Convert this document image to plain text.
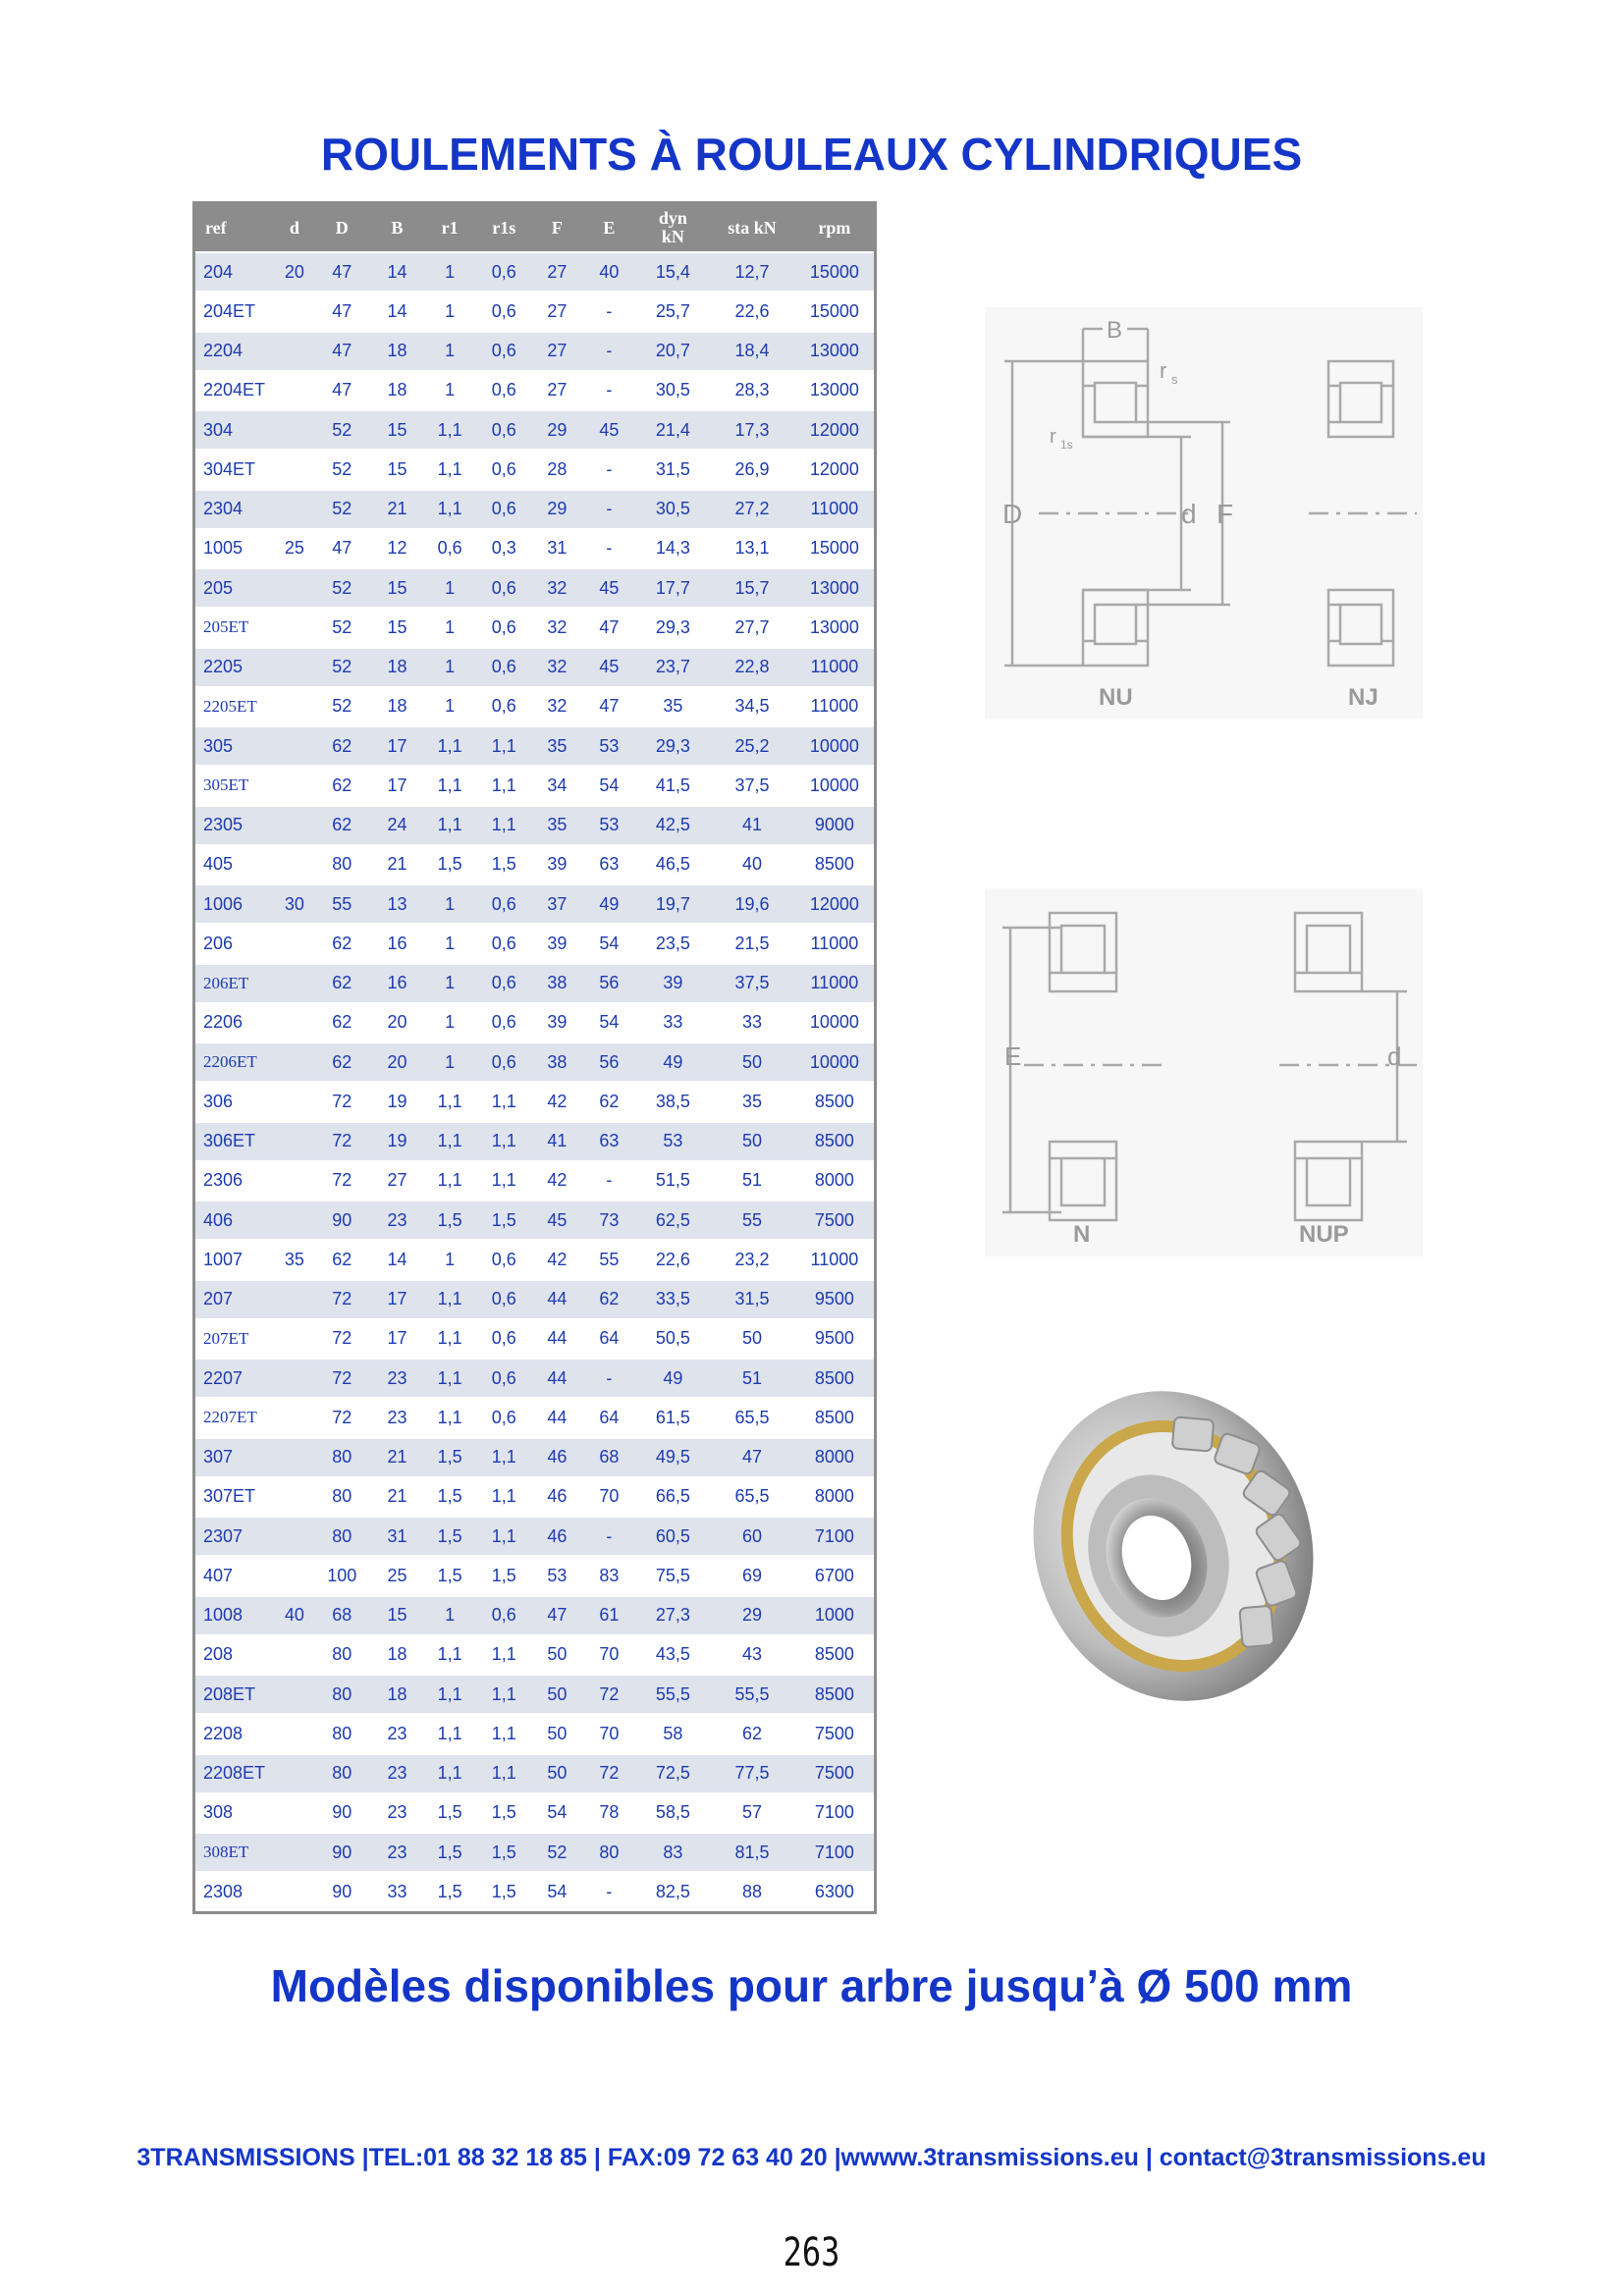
ROULEMENTS À ROULEAUX CYLINDRIQUES
ref	d	D	B	r1	r1s	F	E	dyn kN	sta kN	rpm
204	20	47	14	1	0,6	27	40	15,4	12,7	15000
204ET		47	14	1	0,6	27	-	25,7	22,6	15000
2204		47	18	1	0,6	27	-	20,7	18,4	13000
2204ET		47	18	1	0,6	27	-	30,5	28,3	13000
304		52	15	1,1	0,6	29	45	21,4	17,3	12000
304ET		52	15	1,1	0,6	28	-	31,5	26,9	12000
2304		52	21	1,1	0,6	29	-	30,5	27,2	11000
1005	25	47	12	0,6	0,3	31	-	14,3	13,1	15000
205		52	15	1	0,6	32	45	17,7	15,7	13000
205ET		52	15	1	0,6	32	47	29,3	27,7	13000
2205		52	18	1	0,6	32	45	23,7	22,8	11000
2205ET		52	18	1	0,6	32	47	35	34,5	11000
305		62	17	1,1	1,1	35	53	29,3	25,2	10000
305ET		62	17	1,1	1,1	34	54	41,5	37,5	10000
2305		62	24	1,1	1,1	35	53	42,5	41	9000
405		80	21	1,5	1,5	39	63	46,5	40	8500
1006	30	55	13	1	0,6	37	49	19,7	19,6	12000
206		62	16	1	0,6	39	54	23,5	21,5	11000
206ET		62	16	1	0,6	38	56	39	37,5	11000
2206		62	20	1	0,6	39	54	33	33	10000
2206ET		62	20	1	0,6	38	56	49	50	10000
306		72	19	1,1	1,1	42	62	38,5	35	8500
306ET		72	19	1,1	1,1	41	63	53	50	8500
2306		72	27	1,1	1,1	42	-	51,5	51	8000
406		90	23	1,5	1,5	45	73	62,5	55	7500
1007	35	62	14	1	0,6	42	55	22,6	23,2	11000
207		72	17	1,1	0,6	44	62	33,5	31,5	9500
207ET		72	17	1,1	0,6	44	64	50,5	50	9500
2207		72	23	1,1	0,6	44	-	49	51	8500
2207ET		72	23	1,1	0,6	44	64	61,5	65,5	8500
307		80	21	1,5	1,1	46	68	49,5	47	8000
307ET		80	21	1,5	1,1	46	70	66,5	65,5	8000
2307		80	31	1,5	1,1	46	-	60,5	60	7100
407		100	25	1,5	1,5	53	83	75,5	69	6700
1008	40	68	15	1	0,6	47	61	27,3	29	1000
208		80	18	1,1	1,1	50	70	43,5	43	8500
208ET		80	18	1,1	1,1	50	72	55,5	55,5	8500
2208		80	23	1,1	1,1	50	70	58	62	7500
2208ET		80	23	1,1	1,1	50	72	72,5	77,5	7500
308		90	23	1,5	1,5	54	78	58,5	57	7100
308ET		90	23	1,5	1,5	52	80	83	81,5	7100
2308		90	33	1,5	1,5	54	-	82,5	88	6300
B
r s
r 1s
D	d F
NU	NJ
E	d
N	NUP
Modèles disponibles pour arbre jusqu’à Ø 500 mm
3TRANSMISSIONS |TEL:01 88 32 18 85 | FAX:09 72 63 40 20 |wwww.3transmissions.eu | contact@3transmissions.eu
263
